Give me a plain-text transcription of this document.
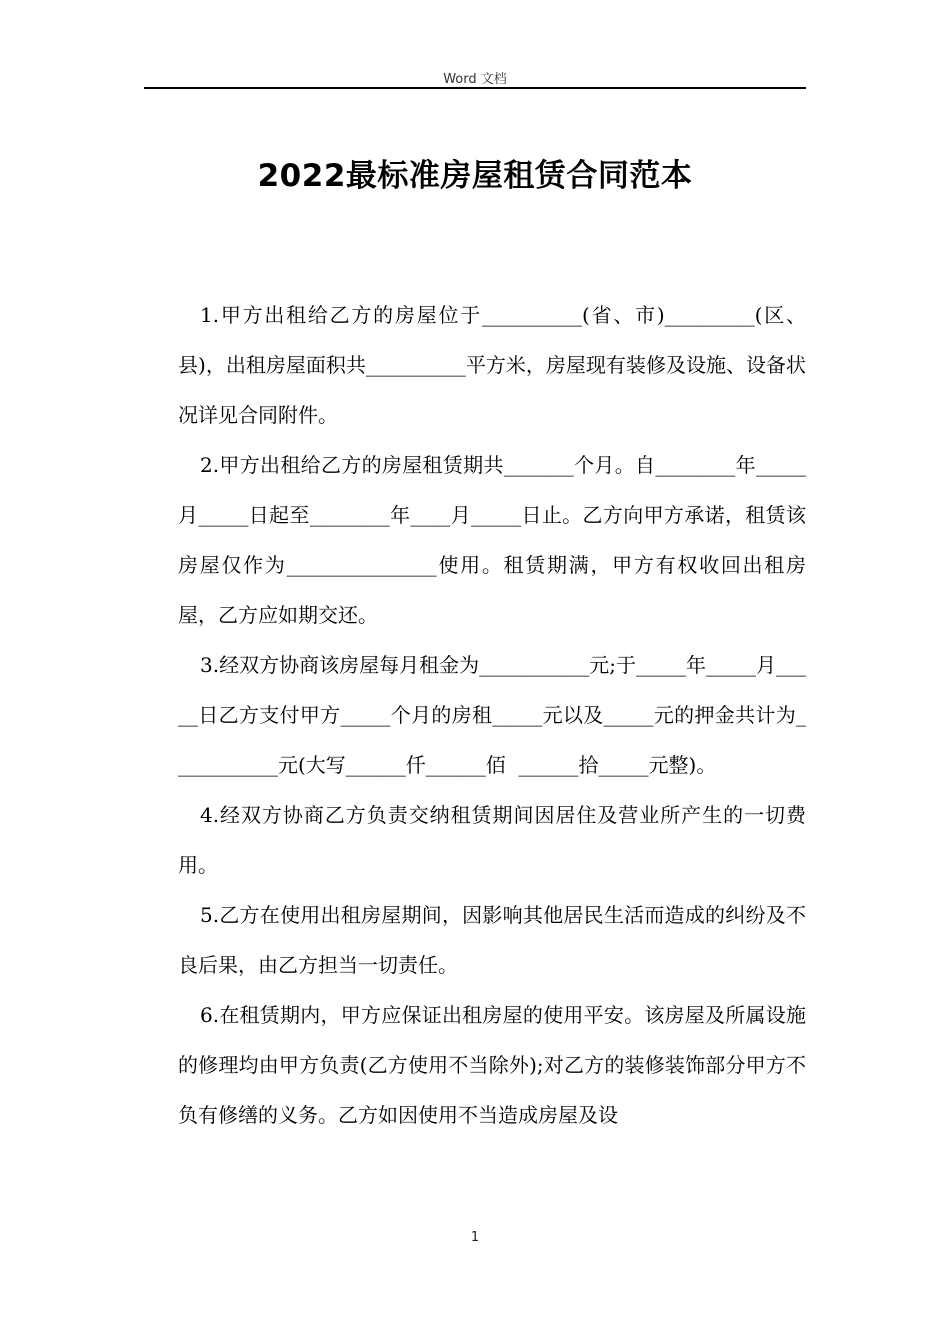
Word 文档
2022最标准房屋租赁合同范本

1.甲方出租给乙方的房屋位于__________(省、市)_________(区、县)，出租房屋面积共__________平方米，房屋现有装修及设施、设备状况详见合同附件。

2.甲方出租给乙方的房屋租赁期共_______个月。自________年_____月_____日起至________年____月_____日止。乙方向甲方承诺，租赁该房屋仅作为_______________使用。租赁期满，甲方有权收回出租房屋，乙方应如期交还。

3.经双方协商该房屋每月租金为___________元;于_____年_____月_____日乙方支付甲方_____个月的房租_____元以及_____元的押金共计为___________元(大写______仟______佰  ______拾_____元整)。

4.经双方协商乙方负责交纳租赁期间因居住及营业所产生的一切费用。

5.乙方在使用出租房屋期间，因影响其他居民生活而造成的纠纷及不良后果，由乙方担当一切责任。

6.在租赁期内，甲方应保证出租房屋的使用平安。该房屋及所属设施的修理均由甲方负责(乙方使用不当除外);对乙方的装修装饰部分甲方不负有修缮的义务。乙方如因使用不当造成房屋及设

1
